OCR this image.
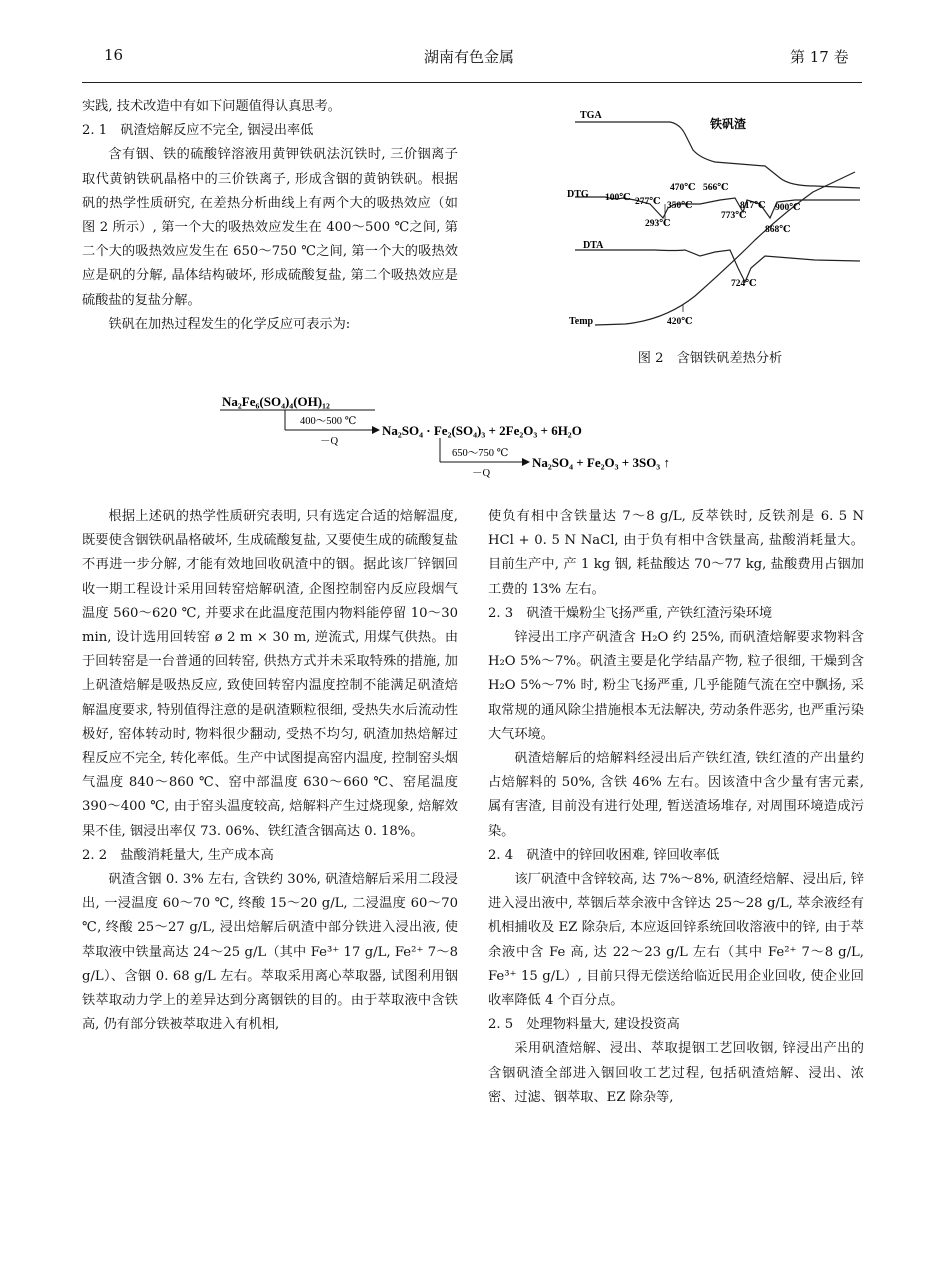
16	湖南有色金属	第 17 卷

实践, 技术改造中有如下问题值得认真思考。

2. 1　矾渣焙解反应不完全, 铟浸出率低

含有铟、铁的硫酸锌溶液用黄钾铁矾法沉铁时, 三价铟离子取代黄钠铁矾晶格中的三价铁离子, 形成含铟的黄钠铁矾。根据矾的热学性质研究, 在差热分析曲线上有两个大的吸热效应（如图 2 所示）, 第一个大的吸热效应发生在 400～500 ℃之间, 第二个大的吸热效应发生在 650～750 ℃之间, 第一个大的吸热效应是矾的分解, 晶体结构破坏, 形成硫酸复盐, 第二个吸热效应是硫酸盐的复盐分解。

铁矾在加热过程发生的化学反应可表示为:

TGA
铁矾渣
DTG
DTA
Temp
100℃ 277℃ 350℃
470℃ 566℃
293℃
817℃ 900℃
773℃
868℃
724℃
420℃
图 2　含铟铁矾差热分析
Na₂Fe₆(SO₄)₄(OH)₁₂
400～500 ℃
－Q
Na₂SO₄ · Fe₂(SO₄)₃ + 2Fe₂O₃ + 6H₂O
650～750 ℃
－Q
Na₂SO₄ + Fe₂O₃ + 3SO₃ ↑

根据上述矾的热学性质研究表明, 只有选定合适的焙解温度, 既要使含铟铁矾晶格破坏, 生成硫酸复盐, 又要使生成的硫酸复盐不再进一步分解, 才能有效地回收矾渣中的铟。据此该厂锌铟回收一期工程设计采用回转窑焙解矾渣, 企图控制窑内反应段烟气温度 560～620 ℃, 并要求在此温度范围内物料能停留 10～30 min, 设计选用回转窑 ø 2 m × 30 m, 逆流式, 用煤气供热。由于回转窑是一台普通的回转窑, 供热方式并未采取特殊的措施, 加上矾渣焙解是吸热反应, 致使回转窑内温度控制不能满足矾渣焙解温度要求, 特别值得注意的是矾渣颗粒很细, 受热失水后流动性极好, 窑体转动时, 物料很少翻动, 受热不均匀, 矾渣加热焙解过程反应不完全, 转化率低。生产中试图提高窑内温度, 控制窑头烟气温度 840～860 ℃、窑中部温度 630～660 ℃、窑尾温度 390～400 ℃, 由于窑头温度较高, 焙解料产生过烧现象, 焙解效果不佳, 铟浸出率仅 73. 06%、铁红渣含铟高达 0. 18%。

2. 2　盐酸消耗量大, 生产成本高

矾渣含铟 0. 3% 左右, 含铁约 30%, 矾渣焙解后采用二段浸出, 一浸温度 60～70 ℃, 终酸 15～20 g/L, 二浸温度 60～70 ℃, 终酸 25～27 g/L, 浸出焙解后矾渣中部分铁进入浸出液, 使萃取液中铁量高达 24～25 g/L（其中 Fe³⁺ 17 g/L, Fe²⁺ 7～8 g/L）、含铟 0. 68 g/L 左右。萃取采用离心萃取器, 试图利用铟铁萃取动力学上的差异达到分离铟铁的目的。由于萃取液中含铁高, 仍有部分铁被萃取进入有机相,

使负有相中含铁量达 7～8 g/L, 反萃铁时, 反铁剂是 6. 5 N HCl + 0. 5 N NaCl, 由于负有相中含铁量高, 盐酸消耗量大。目前生产中, 产 1 kg 铟, 耗盐酸达 70～77 kg, 盐酸费用占铟加工费的 13% 左右。

2. 3　矾渣干燥粉尘飞扬严重, 产铁红渣污染环境

锌浸出工序产矾渣含 H₂O 约 25%, 而矾渣焙解要求物料含 H₂O 5%～7%。矾渣主要是化学结晶产物, 粒子很细, 干燥到含 H₂O 5%～7% 时, 粉尘飞扬严重, 几乎能随气流在空中飘扬, 采取常规的通风除尘措施根本无法解决, 劳动条件恶劣, 也严重污染大气环境。

矾渣焙解后的焙解料经浸出后产铁红渣, 铁红渣的产出量约占焙解料的 50%, 含铁 46% 左右。因该渣中含少量有害元素, 属有害渣, 目前没有进行处理, 暂送渣场堆存, 对周围环境造成污染。

2. 4　矾渣中的锌回收困难, 锌回收率低

该厂矾渣中含锌较高, 达 7%～8%, 矾渣经焙解、浸出后, 锌进入浸出液中, 萃铟后萃余液中含锌达 25～28 g/L, 萃余液经有机相捕收及 EZ 除杂后, 本应返回锌系统回收溶液中的锌, 由于萃余液中含 Fe 高, 达 22～23 g/L 左右（其中 Fe²⁺ 7～8 g/L, Fe³⁺ 15 g/L）, 目前只得无偿送给临近民用企业回收, 使企业回收率降低 4 个百分点。

2. 5　处理物料量大, 建设投资高

采用矾渣焙解、浸出、萃取提铟工艺回收铟, 锌浸出产出的含铟矾渣全部进入铟回收工艺过程, 包括矾渣焙解、浸出、浓密、过滤、铟萃取、EZ 除杂等,
